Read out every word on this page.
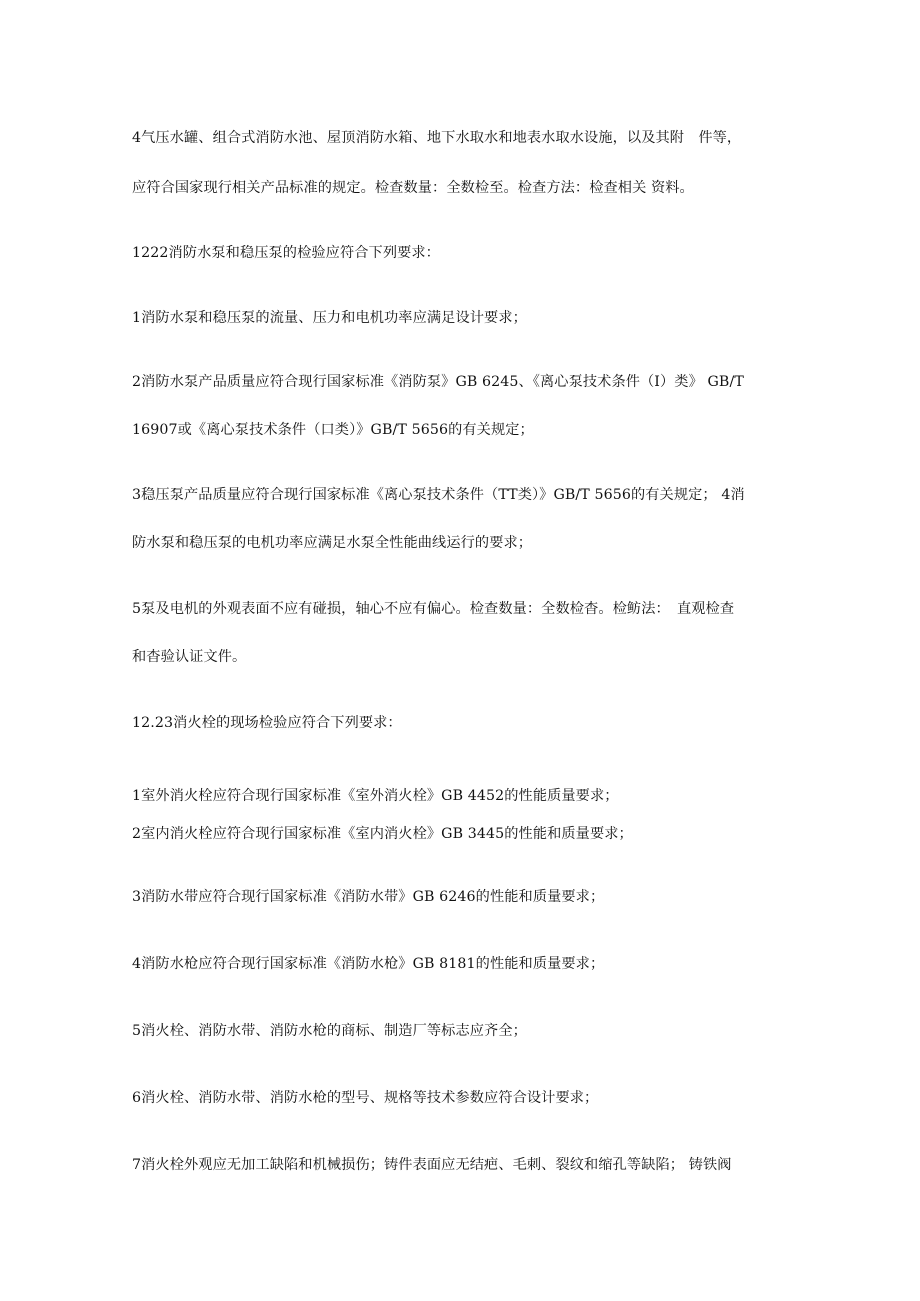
4气压水罐、组合式消防水池、屋顶消防水箱、地下水取水和地表水取水设施，以及其附　件等，
应符合国家现行相关产品标准的规定。检查数量：全数检至。检查方法：检查相关 资料。
1222消防水泵和稳压泵的检验应符合下列要求：
1消防水泵和稳压泵的流量、压力和电机功率应满足设计要求；
2消防水泵产品质量应符合现行国家标准《消防泵》GB 6245、《离心泵技术条件（I）类》 GB/T
16907或《离心泵技术条件（口类）》GB/T 5656的有关规定；
3稳压泵产品质量应符合现行国家标准《离心泵技术条件（TT类）》GB/T 5656的有关规定； 4消
防水泵和稳压泵的电机功率应满足水泵全性能曲线运行的要求；
5泵及电机的外观表面不应有碰损，轴心不应有偏心。检查数量：全数检杳。检鲂法：　直观检查
和杳验认证文件。
12.23消火栓的现场检验应符合下列要求：
1室外消火栓应符合现行国家标准《室外消火栓》GB 4452的性能质量要求；
2室内消火栓应符合现行国家标准《室内消火栓》GB 3445的性能和质量要求；
3消防水带应符合现行国家标准《消防水带》GB 6246的性能和质量要求；
4消防水枪应符合现行国家标准《消防水枪》GB 8181的性能和质量要求；
5消火栓、消防水带、消防水枪的商标、制造厂等标志应齐全；
6消火栓、消防水带、消防水枪的型号、规格等技术参数应符合设计要求；
7消火栓外观应无加工缺陷和机械损伤；铸件表面应无结疤、毛刺、裂纹和缩孔等缺陷； 铸铁阀
